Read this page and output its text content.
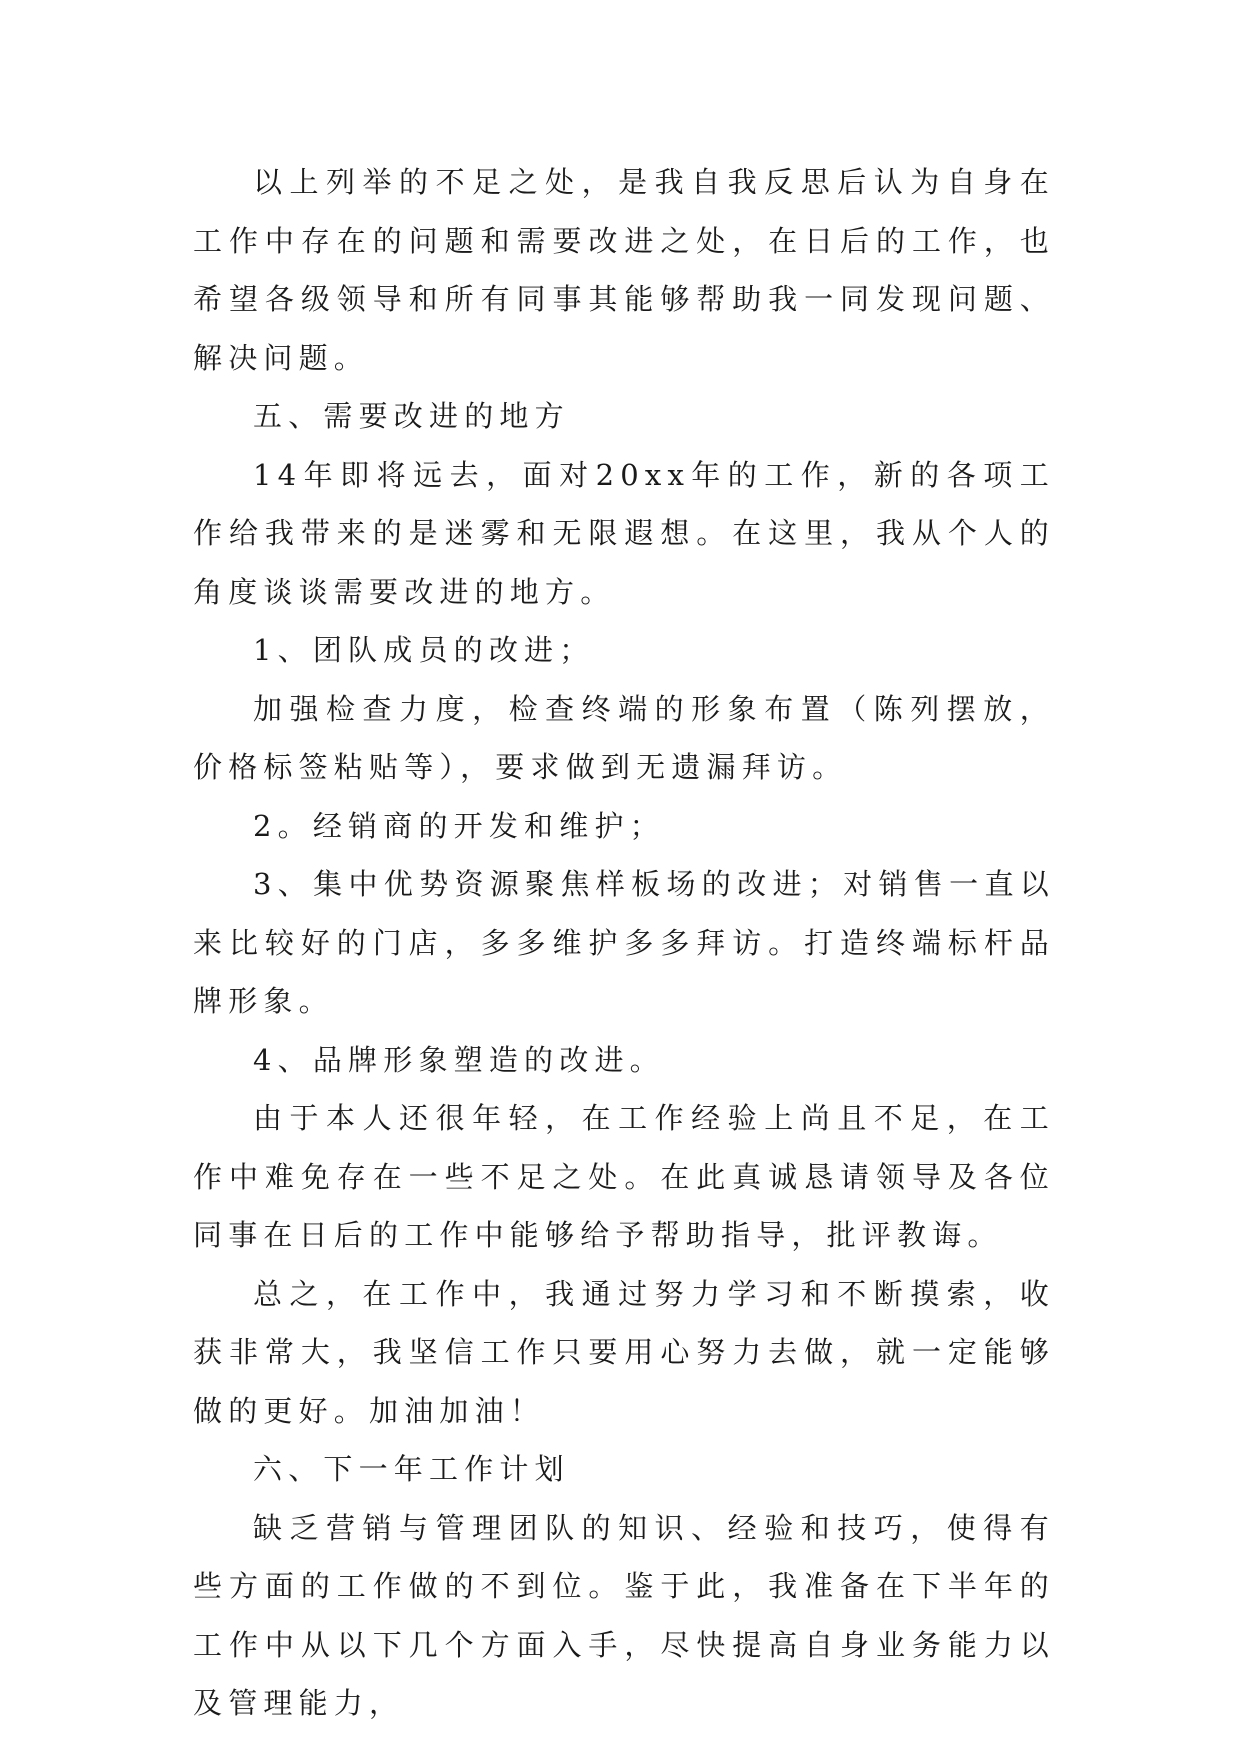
以上列举的不足之处，是我自我反思后认为自身在工作中存在的问题和需要改进之处，在日后的工作，也希望各级领导和所有同事其能够帮助我一同发现问题、解决问题。

五、需要改进的地方

14年即将远去，面对20xx年的工作，新的各项工作给我带来的是迷雾和无限遐想。在这里，我从个人的角度谈谈需要改进的地方。

1、团队成员的改进；

加强检查力度，检查终端的形象布置（陈列摆放，价格标签粘贴等），要求做到无遗漏拜访。

2。经销商的开发和维护；

3、集中优势资源聚焦样板场的改进；对销售一直以来比较好的门店，多多维护多多拜访。打造终端标杆品牌形象。

4、品牌形象塑造的改进。

由于本人还很年轻，在工作经验上尚且不足，在工作中难免存在一些不足之处。在此真诚恳请领导及各位同事在日后的工作中能够给予帮助指导，批评教诲。

总之，在工作中，我通过努力学习和不断摸索，收获非常大，我坚信工作只要用心努力去做，就一定能够做的更好。加油加油！

六、下一年工作计划

缺乏营销与管理团队的知识、经验和技巧，使得有些方面的工作做的不到位。鉴于此，我准备在下半年的工作中从以下几个方面入手，尽快提高自身业务能力以及管理能力，
